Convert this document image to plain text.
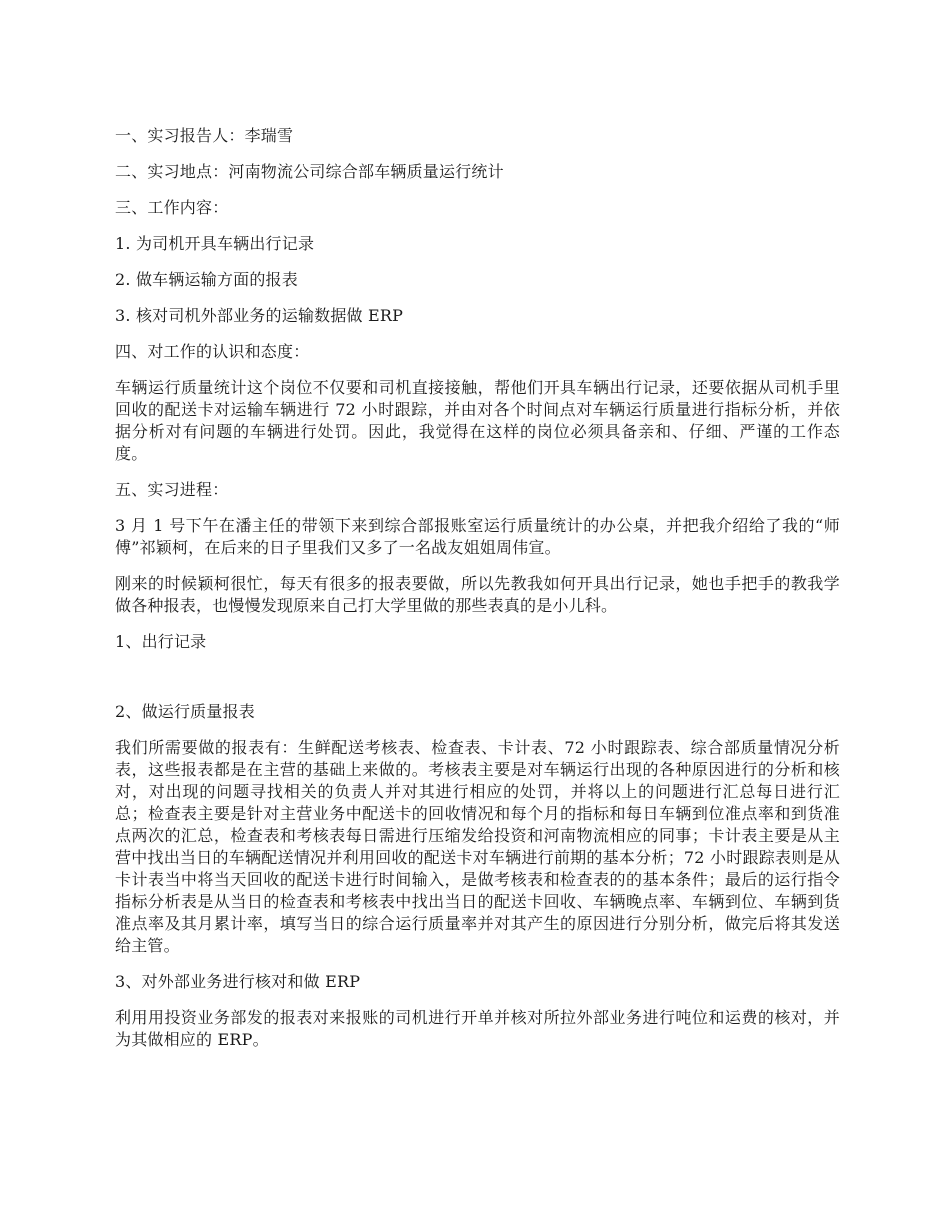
一、实习报告人：李瑞雪

二、实习地点：河南物流公司综合部车辆质量运行统计

三、工作内容：

1. 为司机开具车辆出行记录

2. 做车辆运输方面的报表

3. 核对司机外部业务的运输数据做 ERP

四、对工作的认识和态度：

车辆运行质量统计这个岗位不仅要和司机直接接触，帮他们开具车辆出行记录，还要依据从司机手里回收的配送卡对运输车辆进行 72 小时跟踪，并由对各个时间点对车辆运行质量进行指标分析，并依据分析对有问题的车辆进行处罚。因此，我觉得在这样的岗位必须具备亲和、仔细、严谨的工作态度。

五、实习进程：

3 月 1 号下午在潘主任的带领下来到综合部报账室运行质量统计的办公桌，并把我介绍给了我的“师傅”祁颖柯，在后来的日子里我们又多了一名战友姐姐周伟宣。

刚来的时候颖柯很忙，每天有很多的报表要做，所以先教我如何开具出行记录，她也手把手的教我学做各种报表，也慢慢发现原来自己打大学里做的那些表真的是小儿科。

1、出行记录

2、做运行质量报表

我们所需要做的报表有：生鲜配送考核表、检查表、卡计表、72 小时跟踪表、综合部质量情况分析表，这些报表都是在主营的基础上来做的。考核表主要是对车辆运行出现的各种原因进行的分析和核对，对出现的问题寻找相关的负责人并对其进行相应的处罚，并将以上的问题进行汇总每日进行汇总；检查表主要是针对主营业务中配送卡的回收情况和每个月的指标和每日车辆到位准点率和到货准点两次的汇总，检查表和考核表每日需进行压缩发给投资和河南物流相应的同事；卡计表主要是从主营中找出当日的车辆配送情况并利用回收的配送卡对车辆进行前期的基本分析；72 小时跟踪表则是从卡计表当中将当天回收的配送卡进行时间输入，是做考核表和检查表的的基本条件；最后的运行指令指标分析表是从当日的检查表和考核表中找出当日的配送卡回收、车辆晚点率、车辆到位、车辆到货准点率及其月累计率，填写当日的综合运行质量率并对其产生的原因进行分别分析，做完后将其发送给主管。

3、对外部业务进行核对和做 ERP

利用用投资业务部发的报表对来报账的司机进行开单并核对所拉外部业务进行吨位和运费的核对，并为其做相应的 ERP。
